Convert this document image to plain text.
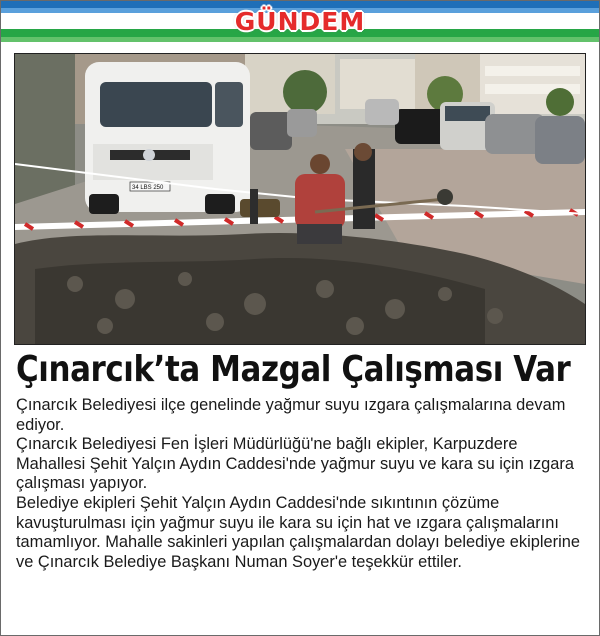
GÜNDEM
34 LBS 250
Çınarcık’ta Mazgal Çalışması Var

Çınarcık Belediyesi ilçe genelinde yağmur suyu ızgara çalışmalarına devam ediyor.

Çınarcık Belediyesi Fen İşleri Müdürlüğü'ne bağlı ekipler, Karpuzdere Mahallesi Şehit Yalçın Aydın Caddesi'nde yağmur suyu ve kara su için ızgara çalışması yapıyor.

Belediye ekipleri Şehit Yalçın Aydın Caddesi'nde sıkıntının çözüme kavuşturulması için yağmur suyu ile kara su için hat ve ızgara çalışmalarını tamamlıyor. Mahalle sakinleri yapılan çalışmalardan dolayı belediye ekiplerine ve Çınarcık Belediye Başkanı Numan Soyer'e teşekkür ettiler.
